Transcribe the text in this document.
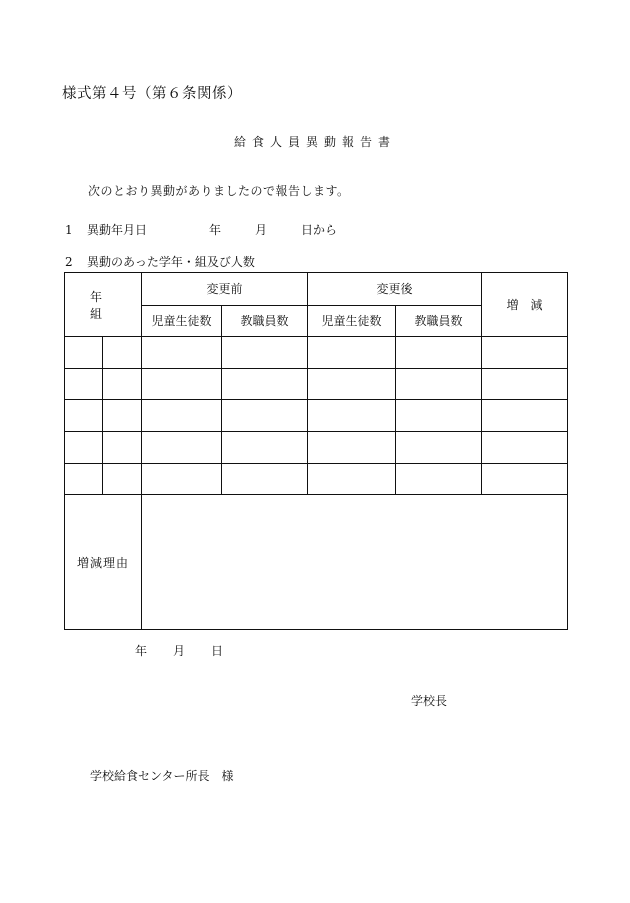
様式第４号（第６条関係）
給食人員異動報告書
次のとおり異動がありましたので報告します。
1 異動年月日	年	月	日から
2 異動のあった学年・組及び人数
年　組		変更前		変更後		増　減
		児童生徒数	教職員数	児童生徒数	教職員数	

増減理由						
年 月 日
学校長
学校給食センター所長 様
